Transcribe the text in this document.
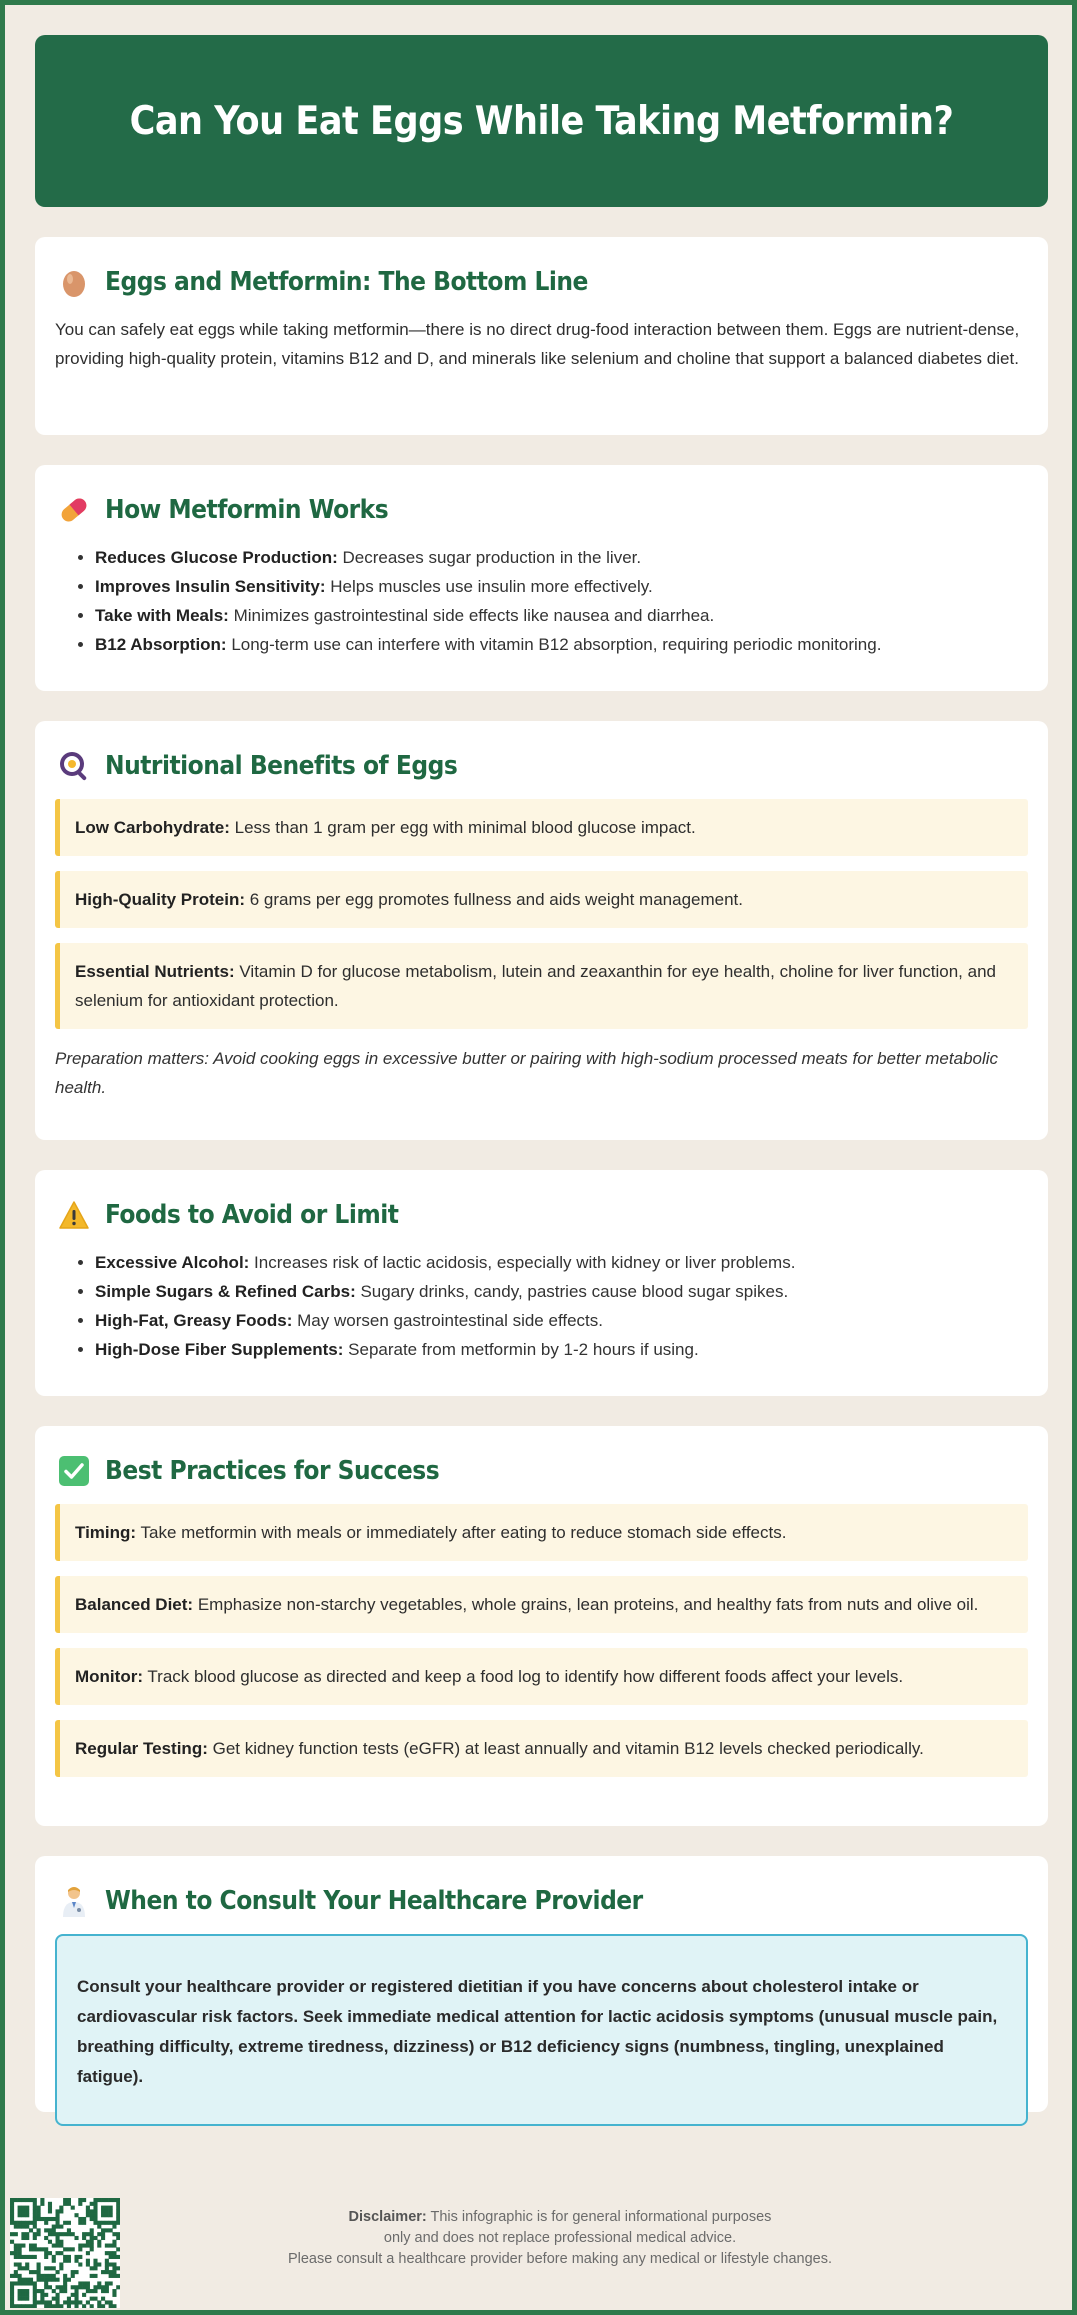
Can You Eat Eggs While Taking Metformin?
Eggs and Metformin: The Bottom Line

You can safely eat eggs while taking metformin—there is no direct drug-food interaction between them. Eggs are nutrient-dense, providing high-quality protein, vitamins B12 and D, and minerals like selenium and choline that support a balanced diabetes diet.

How Metformin Works
• Reduces Glucose Production: Decreases sugar production in the liver.
• Improves Insulin Sensitivity: Helps muscles use insulin more effectively.
• Take with Meals: Minimizes gastrointestinal side effects like nausea and diarrhea.
• B12 Absorption: Long-term use can interfere with vitamin B12 absorption, requiring periodic monitoring.
Nutritional Benefits of Eggs
Low Carbohydrate: Less than 1 gram per egg with minimal blood glucose impact.
High-Quality Protein: 6 grams per egg promotes fullness and aids weight management.
Essential Nutrients: Vitamin D for glucose metabolism, lutein and zeaxanthin for eye health, choline for liver function, and selenium for antioxidant protection.

Preparation matters: Avoid cooking eggs in excessive butter or pairing with high-sodium processed meats for better metabolic health.

Foods to Avoid or Limit
• Excessive Alcohol: Increases risk of lactic acidosis, especially with kidney or liver problems.
• Simple Sugars & Refined Carbs: Sugary drinks, candy, pastries cause blood sugar spikes.
• High-Fat, Greasy Foods: May worsen gastrointestinal side effects.
• High-Dose Fiber Supplements: Separate from metformin by 1-2 hours if using.
Best Practices for Success
Timing: Take metformin with meals or immediately after eating to reduce stomach side effects.
Balanced Diet: Emphasize non-starchy vegetables, whole grains, lean proteins, and healthy fats from nuts and olive oil.
Monitor: Track blood glucose as directed and keep a food log to identify how different foods affect your levels.
Regular Testing: Get kidney function tests (eGFR) at least annually and vitamin B12 levels checked periodically.
When to Consult Your Healthcare Provider
Consult your healthcare provider or registered dietitian if you have concerns about cholesterol intake or cardiovascular risk factors. Seek immediate medical attention for lactic acidosis symptoms (unusual muscle pain, breathing difficulty, extreme tiredness, dizziness) or B12 deficiency signs (numbness, tingling, unexplained fatigue).
Disclaimer: This infographic is for general informational purposes
only and does not replace professional medical advice.
Please consult a healthcare provider before making any medical or lifestyle changes.
